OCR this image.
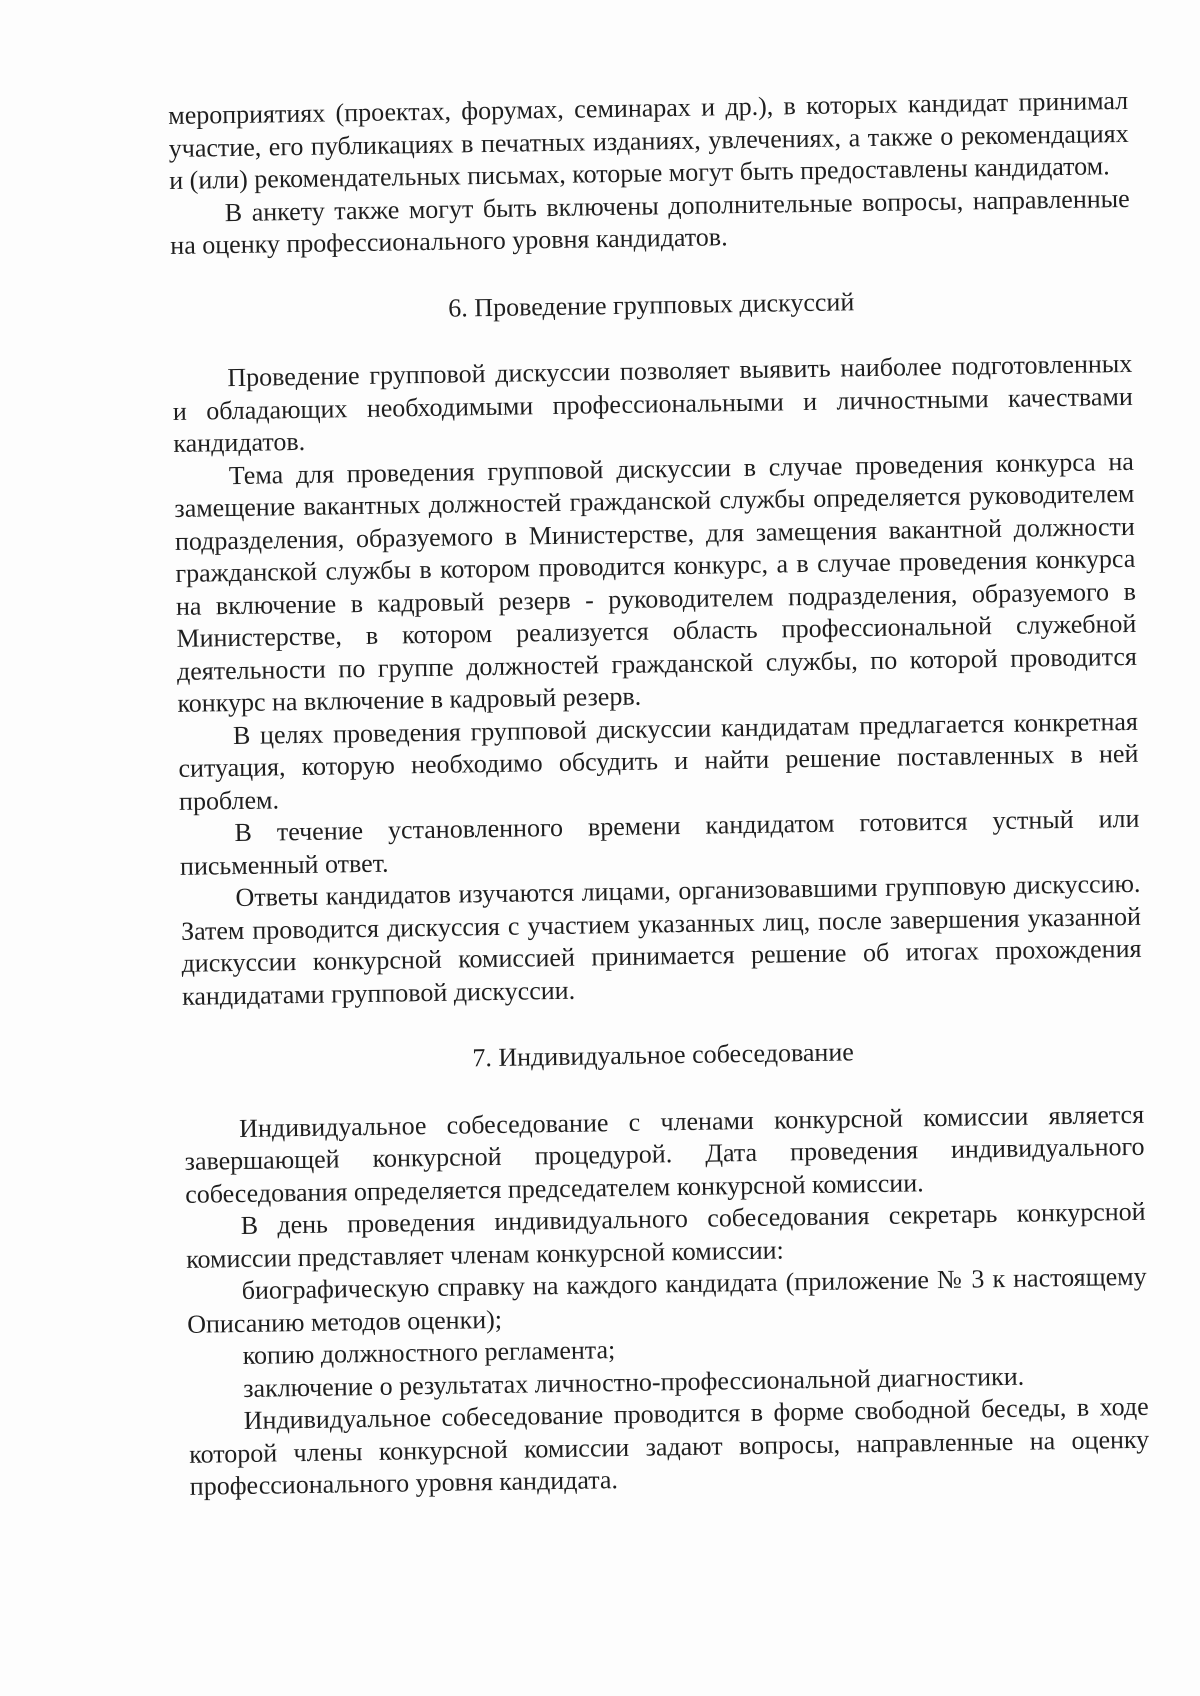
мероприятиях (проектах, форумах, семинарах и др.), в которых кандидат принимал участие, его публикациях в печатных изданиях, увлечениях, а также о рекомендациях и (или) рекомендательных письмах, которые могут быть предоставлены кандидатом.

В анкету также могут быть включены дополнительные вопросы, направленные на оценку профессионального уровня кандидатов.

6. Проведение групповых дискуссий

Проведение групповой дискуссии позволяет выявить наиболее подготовленных и обладающих необходимыми профессиональными и личностными качествами кандидатов.

Тема для проведения групповой дискуссии в случае проведения конкурса на замещение вакантных должностей гражданской службы определяется руководителем подразделения, образуемого в Министерстве, для замещения вакантной должности гражданской службы в котором проводится конкурс, а в случае проведения конкурса на включение в кадровый резерв - руководителем подразделения, образуемого в Министерстве, в котором реализуется область профессиональной служебной деятельности по группе должностей гражданской службы, по которой проводится конкурс на включение в кадровый резерв.

В целях проведения групповой дискуссии кандидатам предлагается конкретная ситуация, которую необходимо обсудить и найти решение поставленных в ней проблем.

В течение установленного времени кандидатом готовится устный или письменный ответ.

Ответы кандидатов изучаются лицами, организовавшими групповую дискуссию. Затем проводится дискуссия с участием указанных лиц, после завершения указанной дискуссии конкурсной комиссией принимается решение об итогах прохождения кандидатами групповой дискуссии.

7. Индивидуальное собеседование

Индивидуальное собеседование с членами конкурсной комиссии является завершающей конкурсной процедурой. Дата проведения индивидуального собеседования определяется председателем конкурсной комиссии.

В день проведения индивидуального собеседования секретарь конкурсной комиссии представляет членам конкурсной комиссии:

биографическую справку на каждого кандидата (приложение № 3 к настоящему Описанию методов оценки);

копию должностного регламента;

заключение о результатах личностно-профессиональной диагностики.

Индивидуальное собеседование проводится в форме свободной беседы, в ходе которой члены конкурсной комиссии задают вопросы, направленные на оценку профессионального уровня кандидата.
